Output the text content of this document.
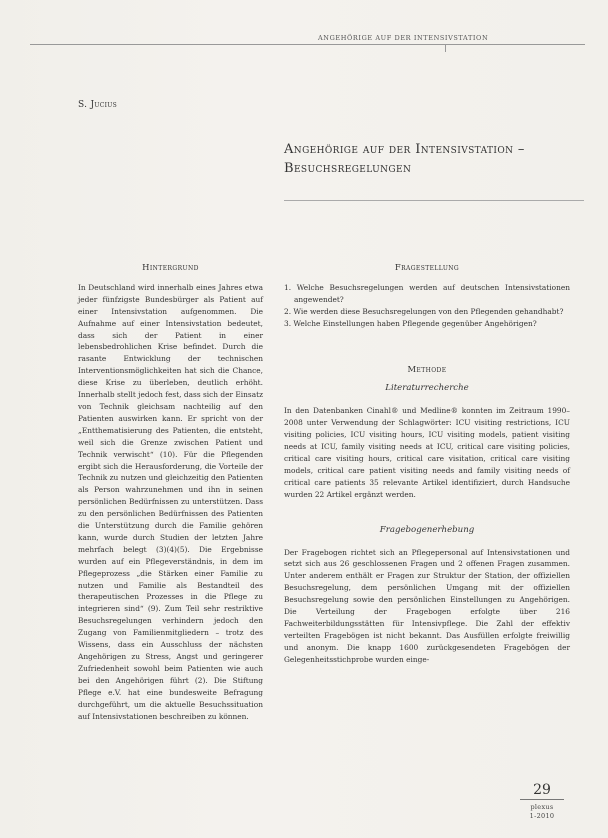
ANGEHÖRIGE AUF DER INTENSIVSTATION
S. Jucius
Angehörige auf der Intensivstation –
Besuchsregelungen
Hintergrund

In Deutschland wird innerhalb eines Jahres etwa jeder fünfzigste Bundesbürger als Patient auf einer Intensivstation aufgenommen. Die Aufnahme auf einer Intensivstation bedeutet, dass sich der Patient in einer lebensbedrohlichen Krise befindet. Durch die rasante Entwicklung der technischen Interventionsmöglichkeiten hat sich die Chance, diese Krise zu überleben, deutlich erhöht. Innerhalb stellt jedoch fest, dass sich der Einsatz von Technik gleichsam nachteilig auf den Patienten auswirken kann. Er spricht von der „Entthematisierung des Patienten, die entsteht, weil sich die Grenze zwischen Patient und Technik verwischt“ (10). Für die Pflegenden ergibt sich die Herausforderung, die Vorteile der Technik zu nutzen und gleichzeitig den Patienten als Person wahrzunehmen und ihn in seinen persönlichen Bedürfnissen zu unterstützen. Dass zu den persönlichen Bedürfnissen des Patienten die Unterstützung durch die Familie gehören kann, wurde durch Studien der letzten Jahre mehrfach belegt (3)(4)(5). Die Ergebnisse wurden auf ein Pflegeverständnis, in dem im Pflegeprozess „die Stärken einer Familie zu nutzen und Familie als Bestandteil des therapeutischen Prozesses in die Pflege zu integrieren sind“ (9). Zum Teil sehr restriktive Besuchsregelungen verhindern jedoch den Zugang von Familienmitgliedern – trotz des Wissens, dass ein Ausschluss der nächsten Angehörigen zu Stress, Angst und geringerer Zufriedenheit sowohl beim Patienten wie auch bei den Angehörigen führt (2). Die Stiftung Pflege e.V. hat eine bundesweite Befragung durchgeführt, um die aktuelle Besuchssituation auf Intensivstationen beschreiben zu können.

Fragestellung
1. Welche Besuchsregelungen werden auf deutschen Intensivstationen angewendet?
2. Wie werden diese Besuchsregelungen von den Pflegenden gehandhabt?
3. Welche Einstellungen haben Pflegende gegenüber Angehörigen?
Methode
Literaturrecherche

In den Datenbanken Cinahl® und Medline® konnten im Zeitraum 1990–2008 unter Verwendung der Schlagwörter: ICU visiting restrictions, ICU visiting policies, ICU visiting hours, ICU visiting models, patient visiting needs at ICU, family visiting needs at ICU, critical care visiting policies, critical care visiting hours, critical care visitation, critical care visiting models, critical care patient visiting needs and family visiting needs of critical care patients 35 relevante Artikel identifiziert, durch Handsuche wurden 22 Artikel ergänzt werden.

Fragebogenerhebung

Der Fragebogen richtet sich an Pflegepersonal auf Intensivstationen und setzt sich aus 26 geschlossenen Fragen und 2 offenen Fragen zusammen. Unter anderem enthält er Fragen zur Struktur der Station, der offiziellen Besuchsregelung, dem persönlichen Umgang mit der offiziellen Besuchsregelung sowie den persönlichen Einstellungen zu Angehörigen. Die Verteilung der Fragebogen erfolgte über 216 Fachweiterbildungsstätten für Intensivpflege. Die Zahl der effektiv verteilten Fragebögen ist nicht bekannt. Das Ausfüllen erfolgte freiwillig und anonym. Die knapp 1600 zurückgesendeten Fragebögen der Gelegenheitsstichprobe wurden einge-

29
plexus
1-2010
